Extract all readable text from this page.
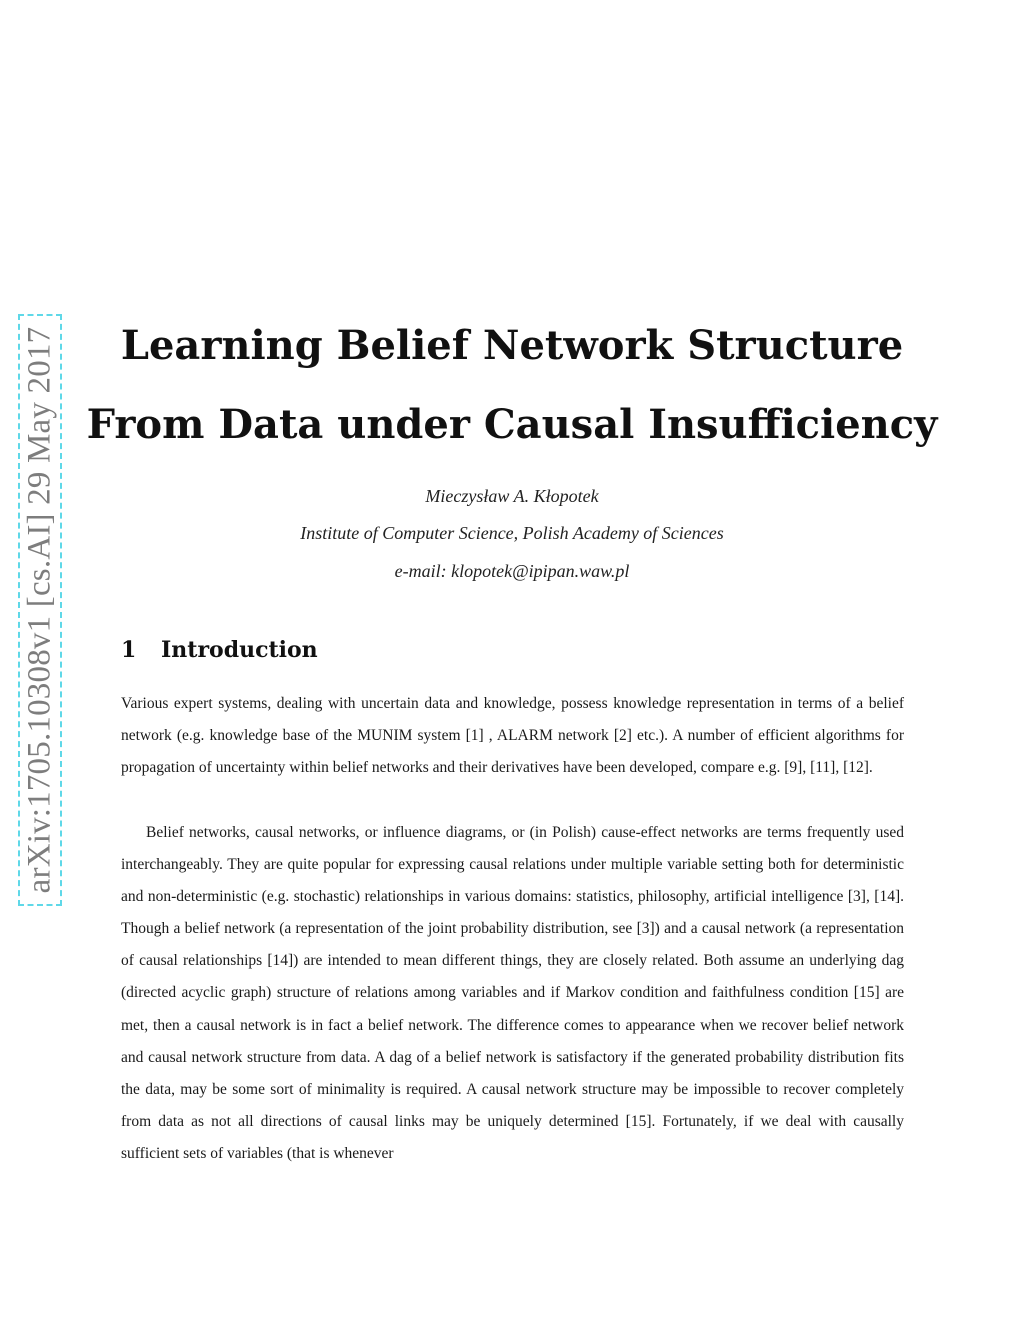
arXiv:1705.10308v1 [cs.AI] 29 May 2017	Learning Belief Network Structure
From Data under Causal Insufficiency
Mieczysław A. Kłopotek
Institute of Computer Science, Polish Academy of Sciences
e-mail: klopotek@ipipan.waw.pl
1 Introduction

Various expert systems, dealing with uncertain data and knowledge, possess knowledge representation in terms of a belief network (e.g. knowledge base of the MUNIM system [1] , ALARM network [2] etc.). A number of efficient algorithms for propagation of uncertainty within belief networks and their derivatives have been developed, compare e.g. [9], [11], [12].

Belief networks, causal networks, or influence diagrams, or (in Polish) cause-effect networks are terms frequently used interchangeably. They are quite popular for expressing causal relations under multiple variable setting both for deterministic and non-deterministic (e.g. stochastic) relationships in various domains: statistics, philosophy, artificial intelligence [3], [14]. Though a belief network (a representation of the joint probability distribution, see [3]) and a causal network (a representation of causal relationships [14]) are intended to mean different things, they are closely related. Both assume an underlying dag (directed acyclic graph) structure of relations among variables and if Markov condition and faithfulness condition [15] are met, then a causal network is in fact a belief network. The difference comes to appearance when we recover belief network and causal network structure from data. A dag of a belief network is satisfactory if the generated probability distribution fits the data, may be some sort of minimality is required. A causal network structure may be impossible to recover completely from data as not all directions of causal links may be uniquely determined [15]. Fortunately, if we deal with causally sufficient sets of variables (that is whenever
